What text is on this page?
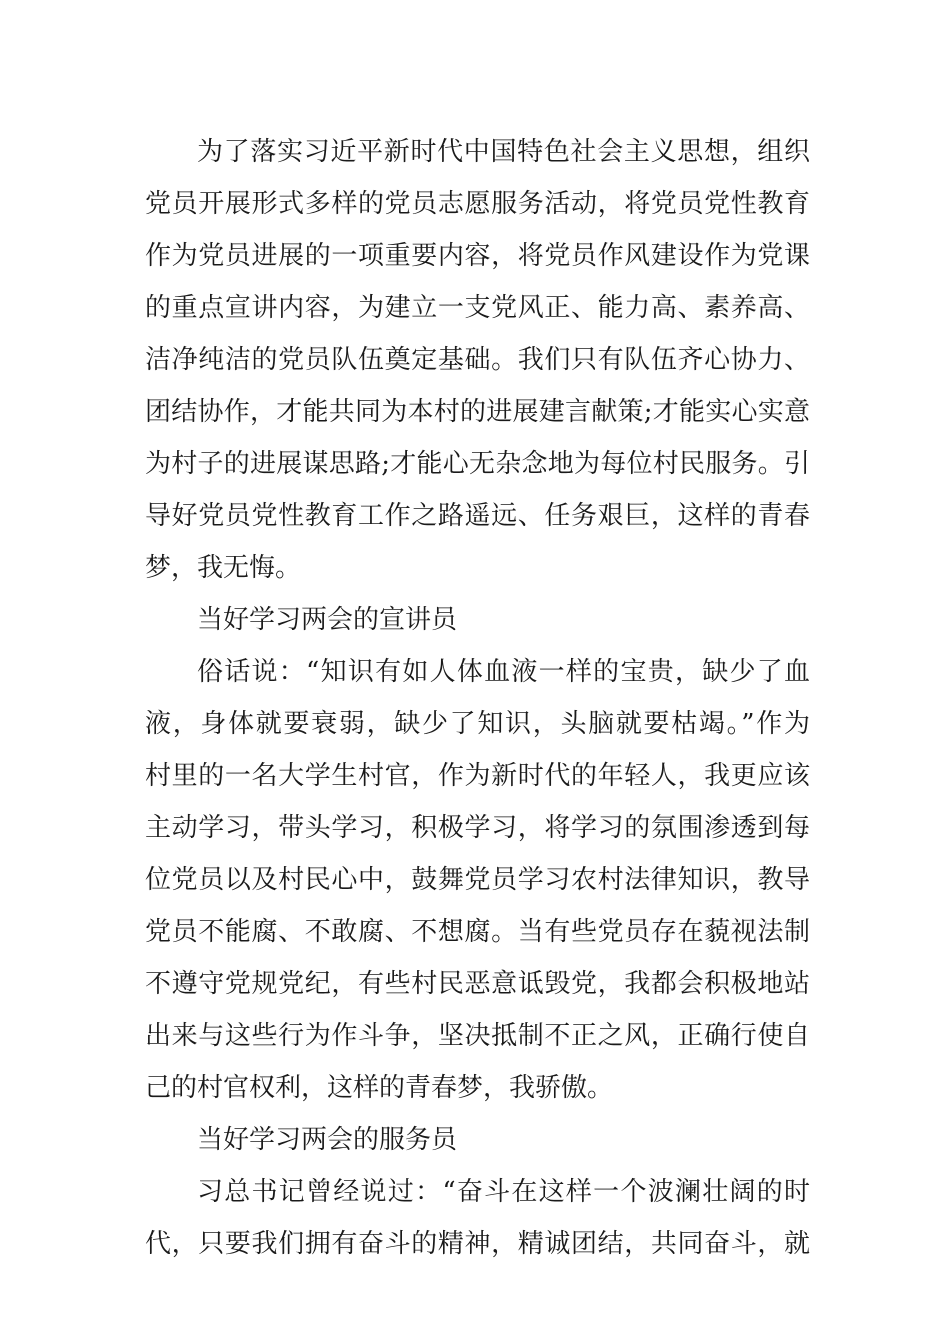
为了落实习近平新时代中国特色社会主义思想，组织
党员开展形式多样的党员志愿服务活动，将党员党性教育
作为党员进展的一项重要内容，将党员作风建设作为党课
的重点宣讲内容，为建立一支党风正、能力高、素养高、
洁净纯洁的党员队伍奠定基础。我们只有队伍齐心协力、
团结协作，才能共同为本村的进展建言献策;才能实心实意
为村子的进展谋思路;才能心无杂念地为每位村民服务。引
导好党员党性教育工作之路遥远、任务艰巨，这样的青春
梦，我无悔。
当好学习两会的宣讲员
俗话说：“知识有如人体血液一样的宝贵，缺少了血
液，身体就要衰弱，缺少了知识，头脑就要枯竭。”作为
村里的一名大学生村官，作为新时代的年轻人，我更应该
主动学习，带头学习，积极学习，将学习的氛围渗透到每
位党员以及村民心中，鼓舞党员学习农村法律知识，教导
党员不能腐、不敢腐、不想腐。当有些党员存在藐视法制
不遵守党规党纪，有些村民恶意诋毁党，我都会积极地站
出来与这些行为作斗争，坚决抵制不正之风，正确行使自
己的村官权利，这样的青春梦，我骄傲。
当好学习两会的服务员
习总书记曾经说过：“奋斗在这样一个波澜壮阔的时
代，只要我们拥有奋斗的精神，精诚团结，共同奋斗，就
